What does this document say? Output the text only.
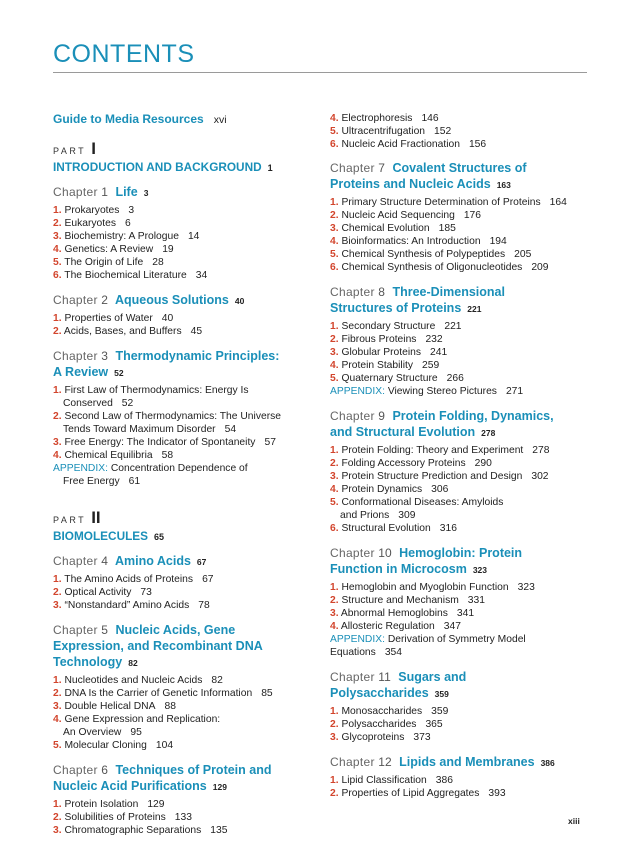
CONTENTS
Guide to Media Resources xvi
PART I
INTRODUCTION AND BACKGROUND 1
Chapter 1 Life 3
1. Prokaryotes 3
2. Eukaryotes 6
3. Biochemistry: A Prologue 14
4. Genetics: A Review 19
5. The Origin of Life 28
6. The Biochemical Literature 34
Chapter 2 Aqueous Solutions 40
1. Properties of Water 40
2. Acids, Bases, and Buffers 45
Chapter 3 Thermodynamic Principles:
A Review 52
1. First Law of Thermodynamics: Energy Is
Conserved 52
2. Second Law of Thermodynamics: The Universe
Tends Toward Maximum Disorder 54
3. Free Energy: The Indicator of Spontaneity 57
4. Chemical Equilibria 58
APPENDIX: Concentration Dependence of
Free Energy 61
PART II
BIOMOLECULES 65
Chapter 4 Amino Acids 67
1. The Amino Acids of Proteins 67
2. Optical Activity 73
3. “Nonstandard” Amino Acids 78
Chapter 5 Nucleic Acids, Gene
Expression, and Recombinant DNA
Technology 82
1. Nucleotides and Nucleic Acids 82
2. DNA Is the Carrier of Genetic Information 85
3. Double Helical DNA 88
4. Gene Expression and Replication:
An Overview 95
5. Molecular Cloning 104
Chapter 6 Techniques of Protein and
Nucleic Acid Purifications 129
1. Protein Isolation 129
2. Solubilities of Proteins 133
3. Chromatographic Separations 135
4. Electrophoresis 146
5. Ultracentrifugation 152
6. Nucleic Acid Fractionation 156
Chapter 7 Covalent Structures of
Proteins and Nucleic Acids 163
1. Primary Structure Determination of Proteins 164
2. Nucleic Acid Sequencing 176
3. Chemical Evolution 185
4. Bioinformatics: An Introduction 194
5. Chemical Synthesis of Polypeptides 205
6. Chemical Synthesis of Oligonucleotides 209
Chapter 8 Three-Dimensional
Structures of Proteins 221
1. Secondary Structure 221
2. Fibrous Proteins 232
3. Globular Proteins 241
4. Protein Stability 259
5. Quaternary Structure 266
APPENDIX: Viewing Stereo Pictures 271
Chapter 9 Protein Folding, Dynamics,
and Structural Evolution 278
1. Protein Folding: Theory and Experiment 278
2. Folding Accessory Proteins 290
3. Protein Structure Prediction and Design 302
4. Protein Dynamics 306
5. Conformational Diseases: Amyloids
and Prions 309
6. Structural Evolution 316
Chapter 10 Hemoglobin: Protein
Function in Microcosm 323
1. Hemoglobin and Myoglobin Function 323
2. Structure and Mechanism 331
3. Abnormal Hemoglobins 341
4. Allosteric Regulation 347
APPENDIX: Derivation of Symmetry Model
Equations 354
Chapter 11 Sugars and
Polysaccharides 359
1. Monosaccharides 359
2. Polysaccharides 365
3. Glycoproteins 373
Chapter 12 Lipids and Membranes 386
1. Lipid Classification 386
2. Properties of Lipid Aggregates 393
xiii
